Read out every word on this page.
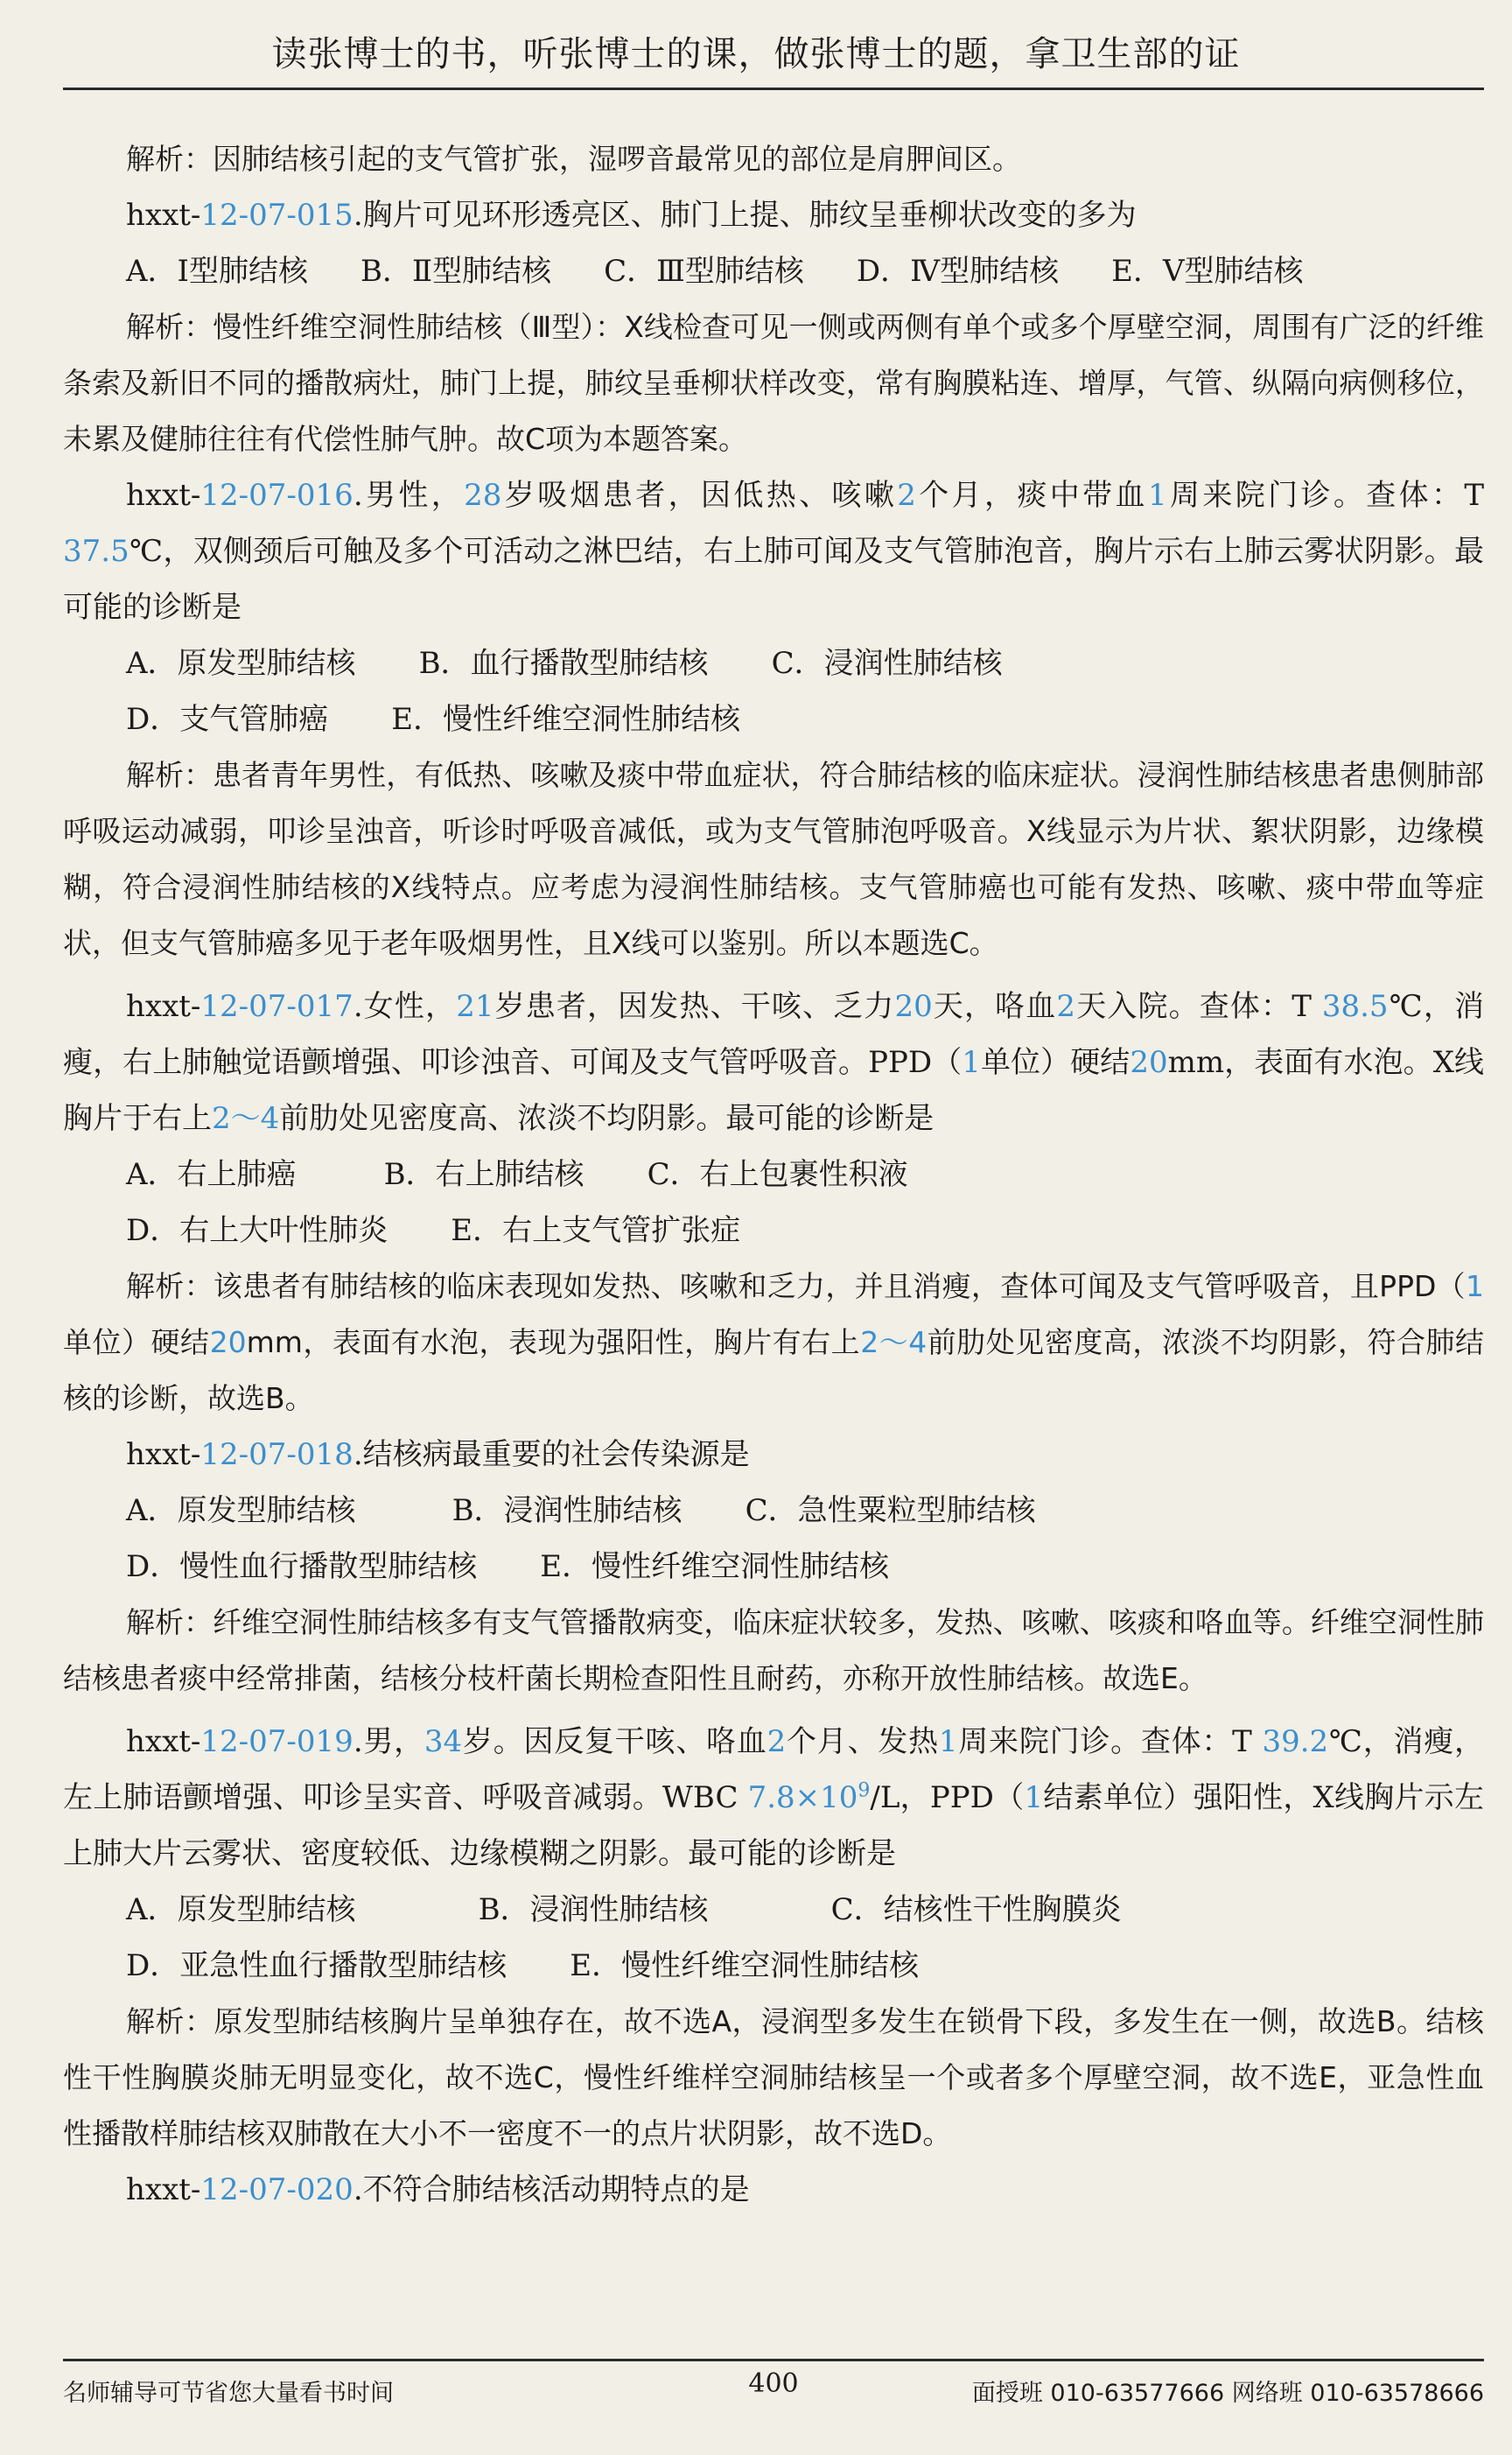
读张博士的书，听张博士的课，做张博士的题，拿卫生部的证

解析：因肺结核引起的支气管扩张，湿啰音最常见的部位是肩胛间区。

hxxt-12-07-015.胸片可见环形透亮区、肺门上提、肺纹呈垂柳状改变的多为

A．Ⅰ型肺结核 B．Ⅱ型肺结核 C．Ⅲ型肺结核 D．Ⅳ型肺结核 E．Ⅴ型肺结核

解析：慢性纤维空洞性肺结核（Ⅲ型）：X线检查可见一侧或两侧有单个或多个厚壁空洞，周围有广泛的纤维条索及新旧不同的播散病灶，肺门上提，肺纹呈垂柳状样改变，常有胸膜粘连、增厚，气管、纵隔向病侧移位，未累及健肺往往有代偿性肺气肿。故C项为本题答案。

hxxt-12-07-016.男性，28岁吸烟患者，因低热、咳嗽2个月，痰中带血1周来院门诊。查体：T 37.5℃，双侧颈后可触及多个可活动之淋巴结，右上肺可闻及支气管肺泡音，胸片示右上肺云雾状阴影。最可能的诊断是

A．原发型肺结核 B．血行播散型肺结核 C．浸润性肺结核

D．支气管肺癌 E．慢性纤维空洞性肺结核

解析：患者青年男性，有低热、咳嗽及痰中带血症状，符合肺结核的临床症状。浸润性肺结核患者患侧肺部呼吸运动减弱，叩诊呈浊音，听诊时呼吸音减低，或为支气管肺泡呼吸音。X线显示为片状、絮状阴影，边缘模糊，符合浸润性肺结核的X线特点。应考虑为浸润性肺结核。支气管肺癌也可能有发热、咳嗽、痰中带血等症状，但支气管肺癌多见于老年吸烟男性，且X线可以鉴别。所以本题选C。

hxxt-12-07-017.女性，21岁患者，因发热、干咳、乏力20天，咯血2天入院。查体：T 38.5℃，消瘦，右上肺触觉语颤增强、叩诊浊音、可闻及支气管呼吸音。PPD（1单位）硬结20mm，表面有水泡。X线胸片于右上2～4前肋处见密度高、浓淡不均阴影。最可能的诊断是

A．右上肺癌	B．右上肺结核 C．右上包裹性积液

D．右上大叶性肺炎 E．右上支气管扩张症

解析：该患者有肺结核的临床表现如发热、咳嗽和乏力，并且消瘦，查体可闻及支气管呼吸音，且PPD（1单位）硬结20mm，表面有水泡，表现为强阳性，胸片有右上2～4前肋处见密度高，浓淡不均阴影，符合肺结核的诊断，故选B。

hxxt-12-07-018.结核病最重要的社会传染源是

A．原发型肺结核	B．浸润性肺结核 C．急性粟粒型肺结核

D．慢性血行播散型肺结核 E．慢性纤维空洞性肺结核

解析：纤维空洞性肺结核多有支气管播散病变，临床症状较多，发热、咳嗽、咳痰和咯血等。纤维空洞性肺结核患者痰中经常排菌，结核分枝杆菌长期检查阳性且耐药，亦称开放性肺结核。故选E。

hxxt-12-07-019.男，34岁。因反复干咳、咯血2个月、发热1周来院门诊。查体：T 39.2℃，消瘦，左上肺语颤增强、叩诊呈实音、呼吸音减弱。WBC $7.8\times 10^9/L$，PPD（1结素单位）强阳性，X线胸片示左上肺大片云雾状、密度较低、边缘模糊之阴影。最可能的诊断是

A．原发型肺结核	B．浸润性肺结核	C．结核性干性胸膜炎

D．亚急性血行播散型肺结核 E．慢性纤维空洞性肺结核

解析：原发型肺结核胸片呈单独存在，故不选A，浸润型多发生在锁骨下段，多发生在一侧，故选B。结核性干性胸膜炎肺无明显变化，故不选C，慢性纤维样空洞肺结核呈一个或者多个厚壁空洞，故不选E，亚急性血性播散样肺结核双肺散在大小不一密度不一的点片状阴影，故不选D。

hxxt-12-07-020.不符合肺结核活动期特点的是

名师辅导可节省您大量看书时间	400	面授班 010-63577666 网络班 010-63578666
